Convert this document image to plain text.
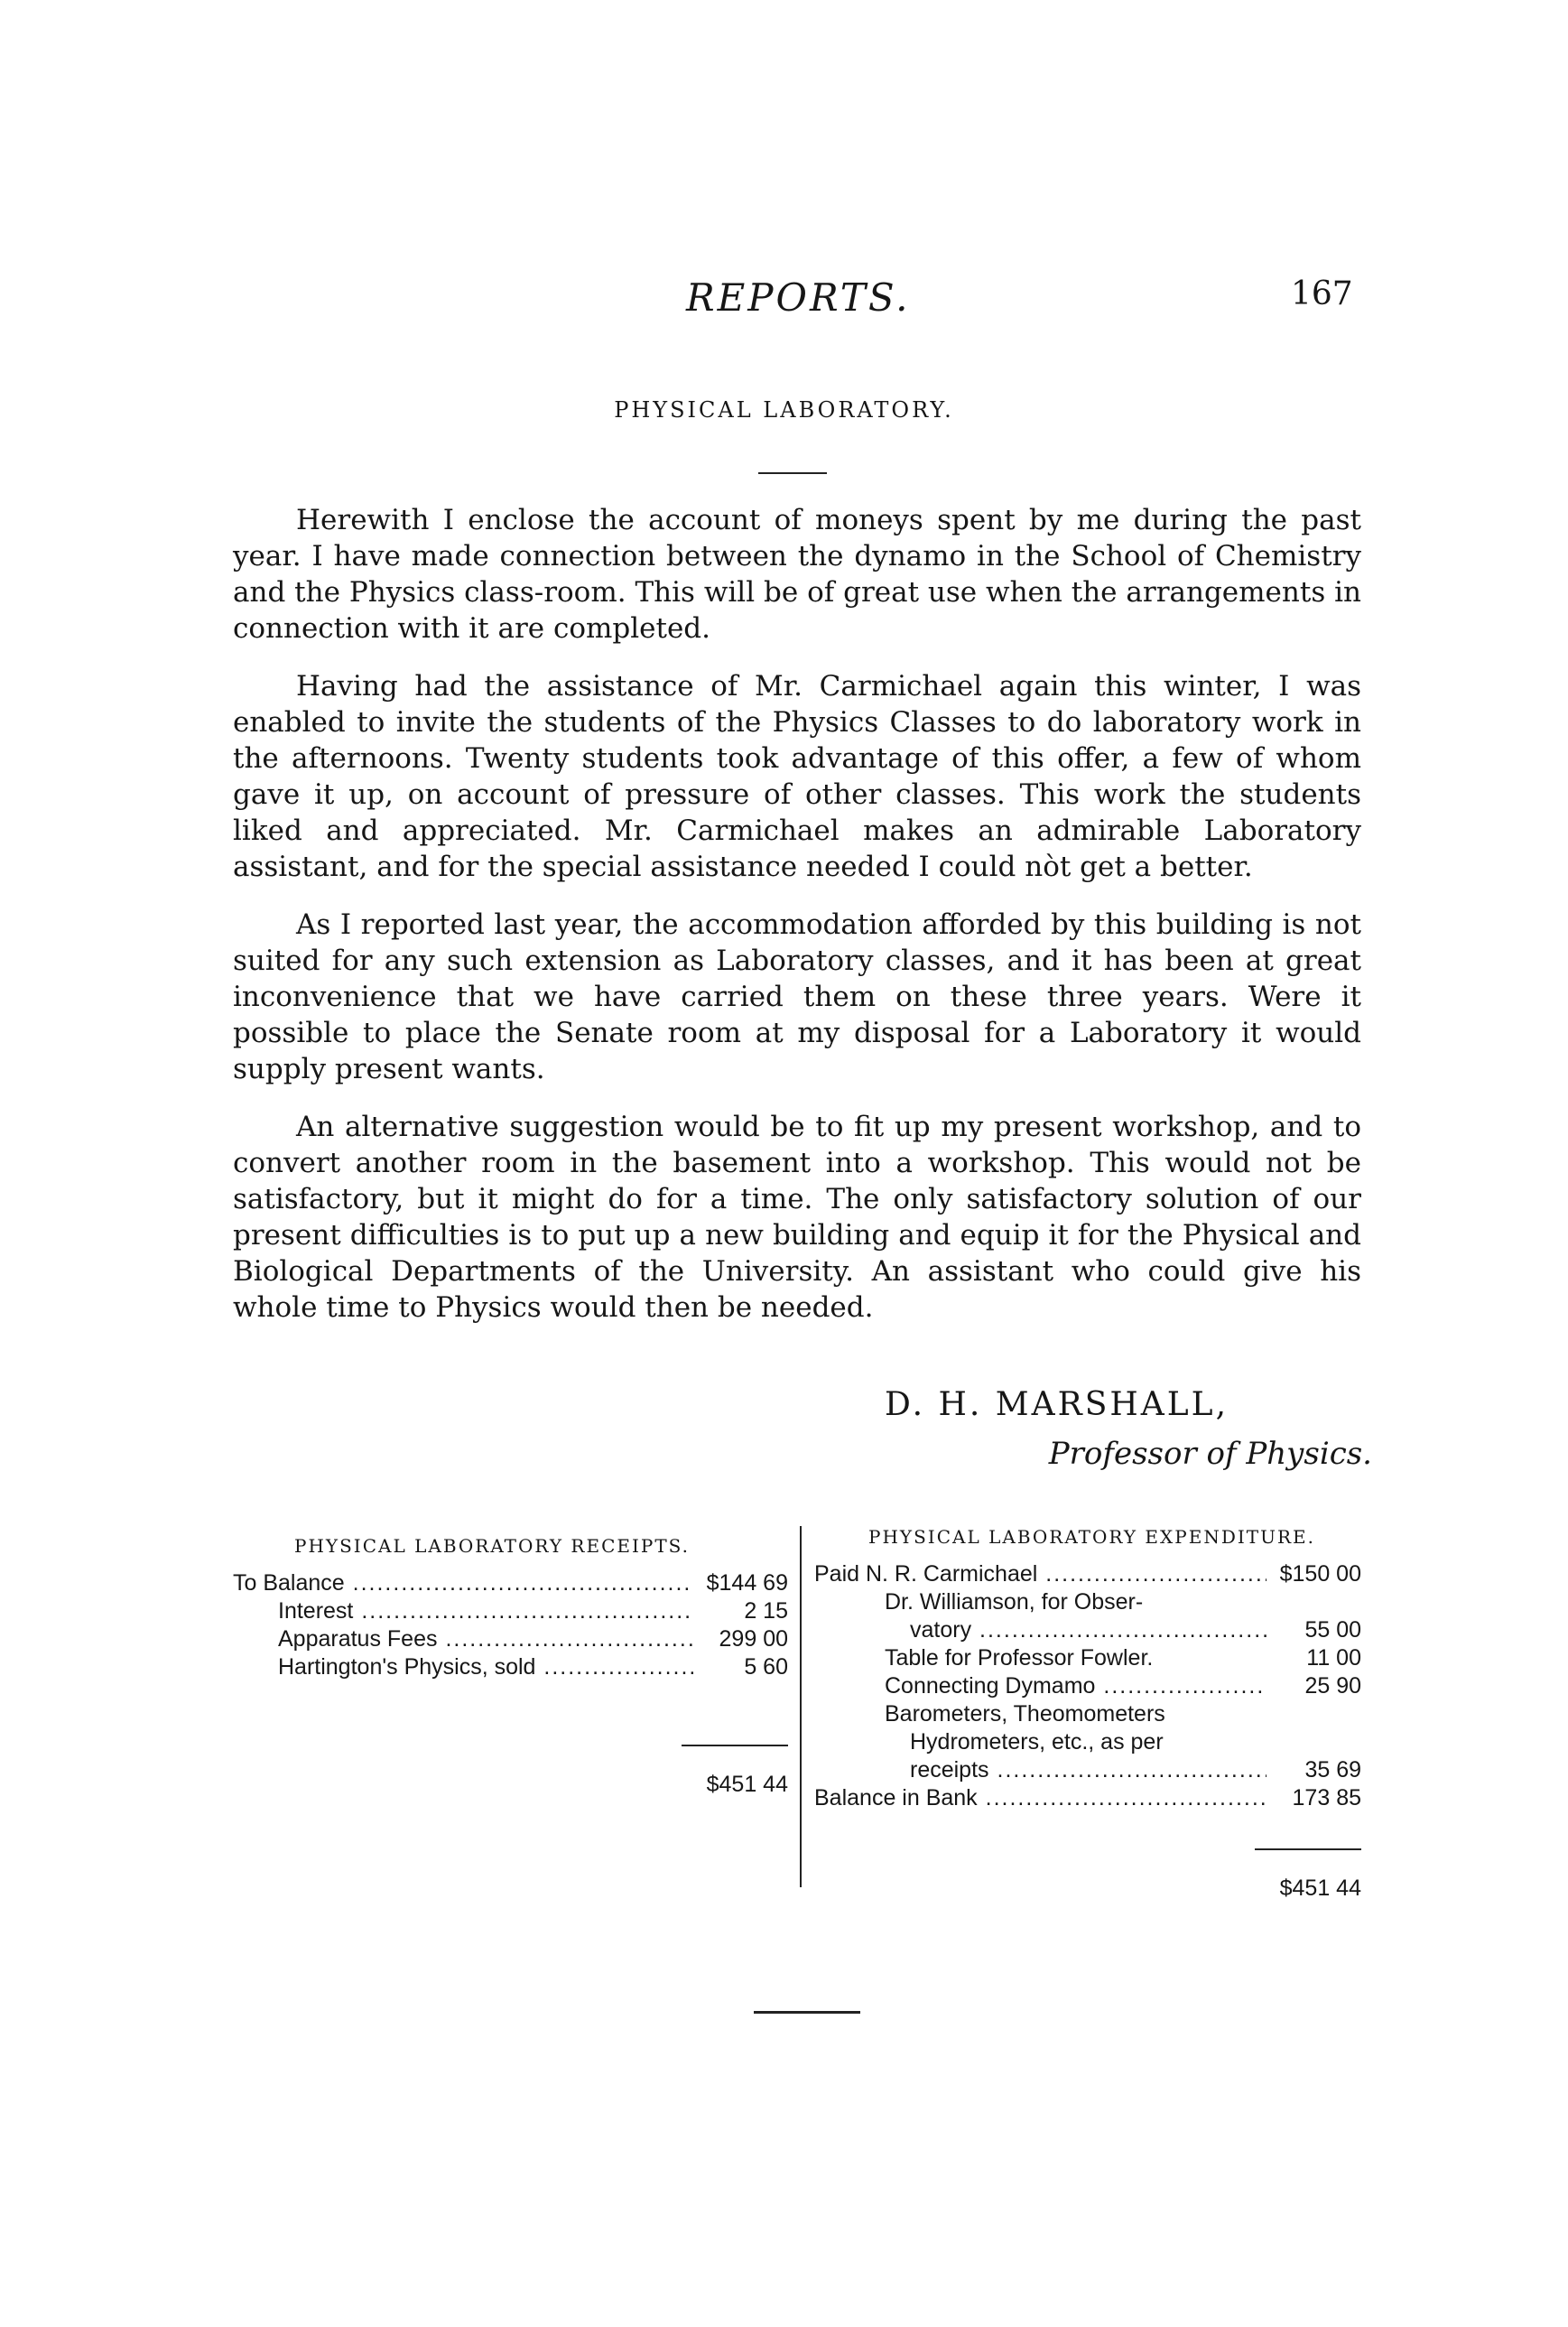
REPORTS.	167
PHYSICAL LABORATORY.

Herewith I enclose the account of moneys spent by me during the past year. I have made connection between the dynamo in the School of Chemistry and the Physics class-room. This will be of great use when the arrangements in connection with it are completed.

Having had the assistance of Mr. Carmichael again this winter, I was enabled to invite the students of the Physics Classes to do laboratory work in the afternoons. Twenty students took advantage of this offer, a few of whom gave it up, on account of pressure of other classes. This work the students liked and appreciated. Mr. Carmichael makes an admirable Laboratory assistant, and for the special assistance needed I could nòt get a better.

As I reported last year, the accommodation afforded by this building is not suited for any such extension as Laboratory classes, and it has been at great inconvenience that we have carried them on these three years. Were it possible to place the Senate room at my disposal for a Laboratory it would supply present wants.

An alternative suggestion would be to fit up my present workshop, and to convert another room in the basement into a workshop. This would not be satisfactory, but it might do for a time. The only satisfactory solution of our present difficulties is to put up a new building and equip it for the Physical and Biological Departments of the University. An assistant who could give his whole time to Physics would then be needed.

D. H. MARSHALL,
Professor of Physics.
PHYSICAL LABORATORY RECEIPTS.
To Balance .....	$144 69
Interest .....	2 15
Apparatus Fees .....	299 00
Hartington's Physics, sold .....	5 60
$451 44
PHYSICAL LABORATORY EXPENDITURE.
Paid N. R. Carmichael .....	$150 00
Dr. Williamson, for Obser-
vatory .....	55 00
Table for Professor Fowler.	11 00
Connecting Dymamo .....	25 90
Barometers, Theomometers
Hydrometers, etc., as per
receipts .....	35 69
Balance in Bank .....	173 85
$451 44
